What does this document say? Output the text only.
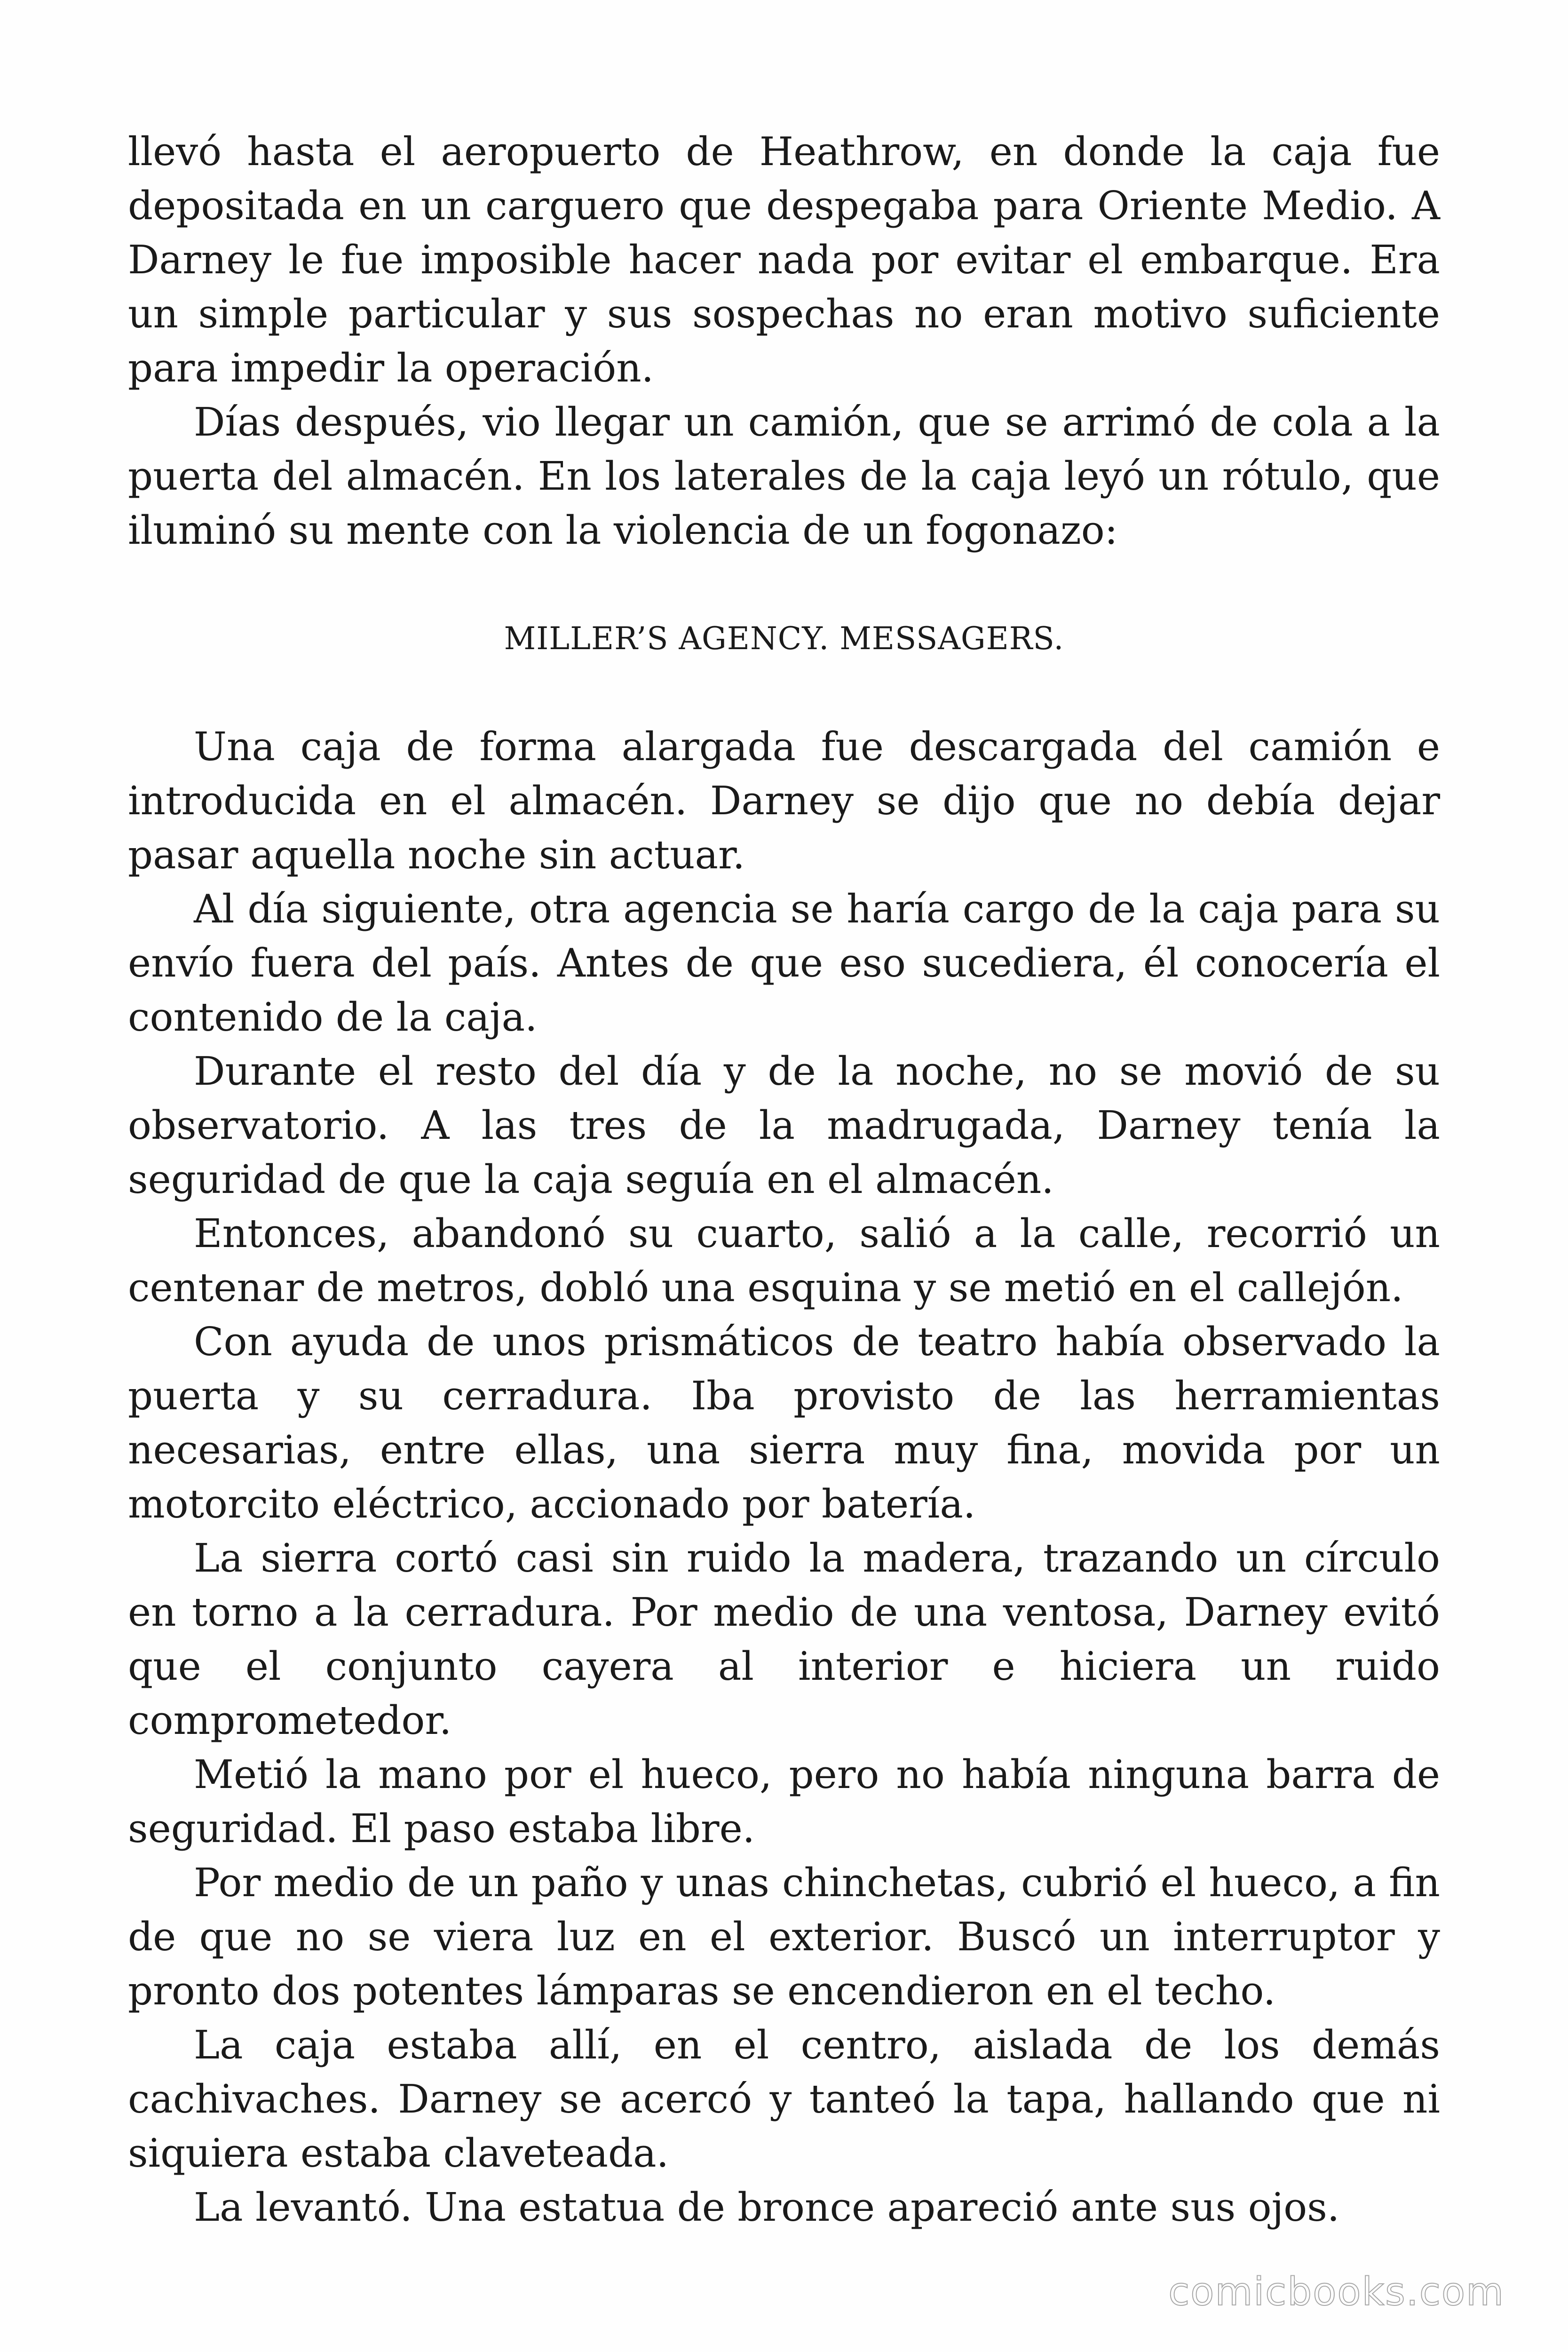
llevó hasta el aeropuerto de Heathrow, en donde la caja fue depositada en un carguero que despegaba para Oriente Medio. A Darney le fue imposible hacer nada por evitar el embarque. Era un simple particular y sus sospechas no eran motivo suficiente para impedir la operación.

Días después, vio llegar un camión, que se arrimó de cola a la puerta del almacén. En los laterales de la caja leyó un rótulo, que iluminó su mente con la violencia de un fogonazo:

MILLER’S AGENCY. MESSAGERS.

Una caja de forma alargada fue descargada del camión e introducida en el almacén. Darney se dijo que no debía dejar pasar aquella noche sin actuar.

Al día siguiente, otra agencia se haría cargo de la caja para su envío fuera del país. Antes de que eso sucediera, él conocería el contenido de la caja.

Durante el resto del día y de la noche, no se movió de su observatorio. A las tres de la madrugada, Darney tenía la seguridad de que la caja seguía en el almacén.

Entonces, abandonó su cuarto, salió a la calle, recorrió un centenar de metros, dobló una esquina y se metió en el callejón.

Con ayuda de unos prismáticos de teatro había observado la puerta y su cerradura. Iba provisto de las herramientas necesarias, entre ellas, una sierra muy fina, movida por un motorcito eléctrico, accionado por batería.

La sierra cortó casi sin ruido la madera, trazando un círculo en torno a la cerradura. Por medio de una ventosa, Darney evitó que el conjunto cayera al interior e hiciera un ruido comprometedor.

Metió la mano por el hueco, pero no había ninguna barra de seguridad. El paso estaba libre.

Por medio de un paño y unas chinchetas, cubrió el hueco, a fin de que no se viera luz en el exterior. Buscó un interruptor y pronto dos potentes lámparas se encendieron en el techo.

La caja estaba allí, en el centro, aislada de los demás cachivaches. Darney se acercó y tanteó la tapa, hallando que ni siquiera estaba claveteada.

La levantó. Una estatua de bronce apareció ante sus ojos.

comicbooks.com
